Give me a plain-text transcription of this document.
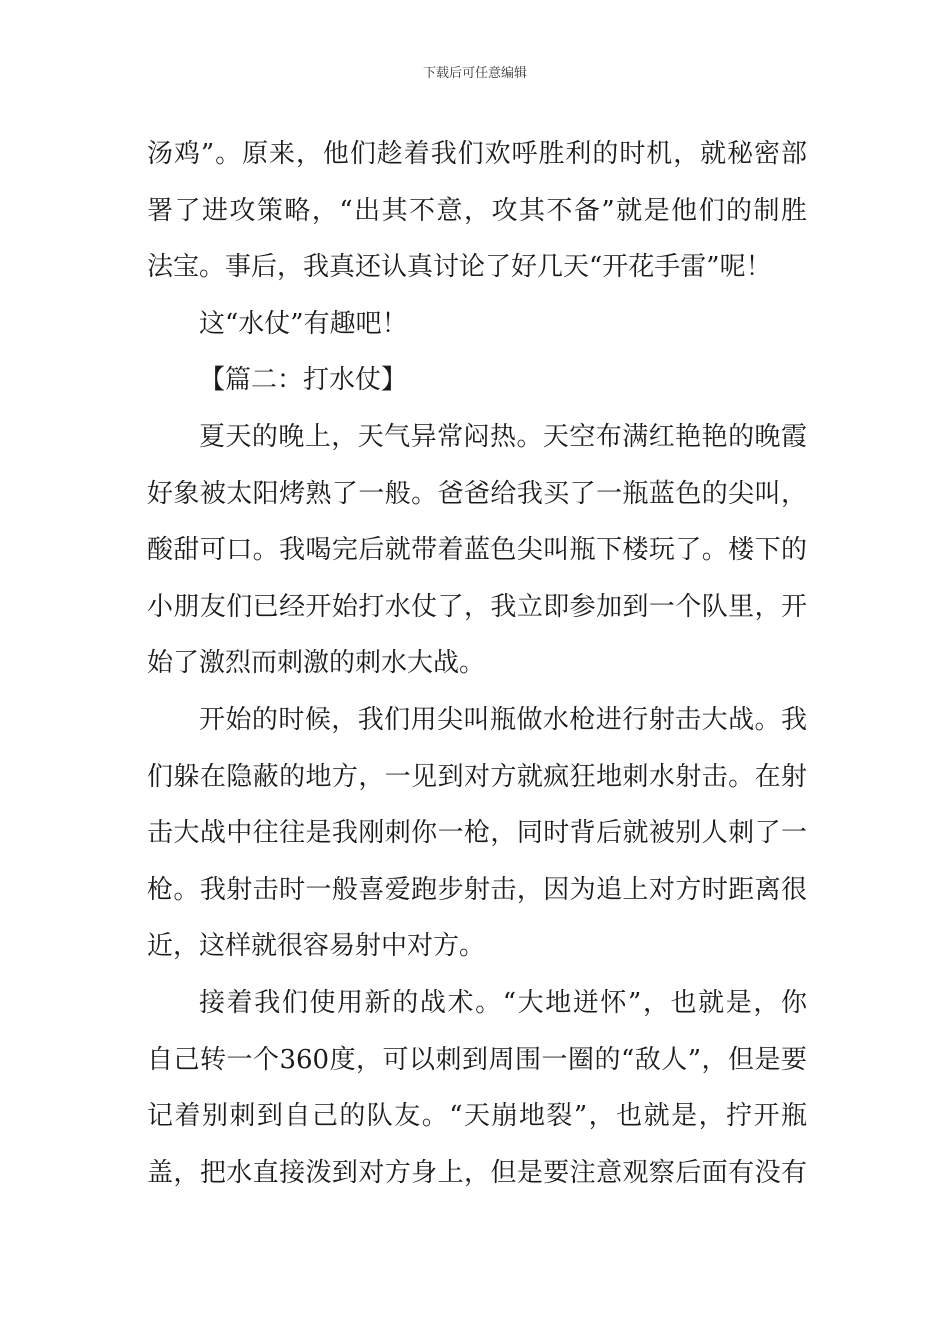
下载后可任意编辑
汤鸡”。原来，他们趁着我们欢呼胜利的时机，就秘密部
署了进攻策略，“出其不意，攻其不备”就是他们的制胜
法宝。事后，我真还认真讨论了好几天“开花手雷”呢！
这“水仗”有趣吧！
【篇二：打水仗】
夏天的晚上，天气异常闷热。天空布满红艳艳的晚霞
好象被太阳烤熟了一般。爸爸给我买了一瓶蓝色的尖叫，
酸甜可口。我喝完后就带着蓝色尖叫瓶下楼玩了。楼下的
小朋友们已经开始打水仗了，我立即参加到一个队里，开
始了激烈而刺激的刺水大战。
开始的时候，我们用尖叫瓶做水枪进行射击大战。我
们躲在隐蔽的地方，一见到对方就疯狂地刺水射击。在射
击大战中往往是我刚刺你一枪，同时背后就被别人刺了一
枪。我射击时一般喜爱跑步射击，因为追上对方时距离很
近，这样就很容易射中对方。
接着我们使用新的战术。“大地迸怀”，也就是，你
自己转一个360度，可以刺到周围一圈的“敌人”，但是要
记着别刺到自己的队友。“天崩地裂”，也就是，拧开瓶
盖，把水直接泼到对方身上，但是要注意观察后面有没有
